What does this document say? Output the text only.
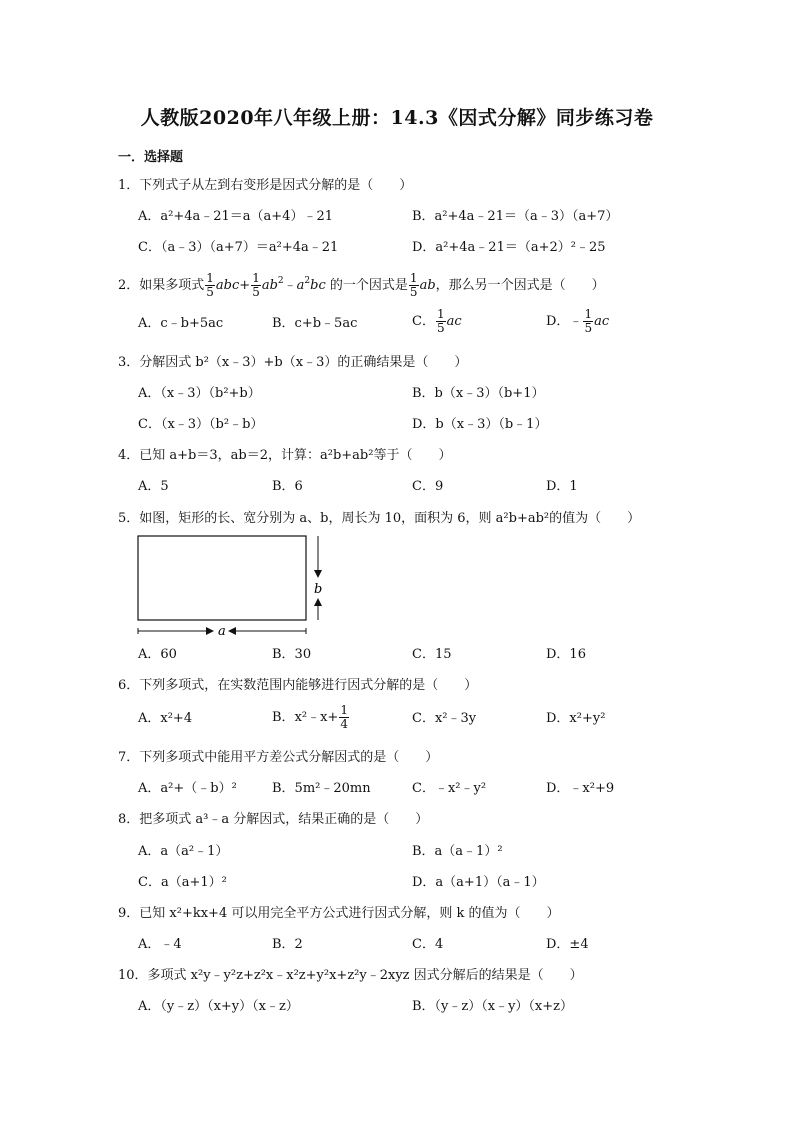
人教版2020年八年级上册：14.3《因式分解》同步练习卷
一．选择题
1．下列式子从左到右变形是因式分解的是（　　）
A．a²+4a﹣21＝a（a+4）﹣21	B．a²+4a﹣21＝（a﹣3）（a+7）
C．（a﹣3）（a+7）＝a²+4a﹣21	D．a²+4a﹣21＝（a+2）²﹣25
2．如果多项式 $\frac{1}{5} abc+ \frac{1}{5}$ $ab^2﹣a^2bc$ 的一个因式是 $\frac{1}{5}$ ab，那么另一个因式是（　　）
A．c﹣b+5ac	B．c+b﹣5ac	C． $\frac{1}{5}$ ac	D．﹣ $\frac{1}{5}$ ac
3．分解因式 b²（x﹣3）+b（x﹣3）的正确结果是（　　）
A．（x﹣3）（b²+b）	B．b（x﹣3）（b+1）
C．（x﹣3）（b²﹣b）	D．b（x﹣3）（b﹣1）
4．已知 a+b＝3，ab＝2，计算：a²b+ab²等于（　　）
A．5	B．6	C．9	D．1
5．如图，矩形的长、宽分别为 a、b，周长为 10，面积为 6，则 a²b+ab²的值为（　　）
b
a
A．60	B．30	C．15	D．16
6．下列多项式，在实数范围内能够进行因式分解的是（　　）
A．x²+4	B．x²﹣x+ $\frac{1}{4}$	C．x²﹣3y	D．x²+y²
7．下列多项式中能用平方差公式分解因式的是（　　）
A．a²+（﹣b）²	B．5m²﹣20mn	C．﹣x²﹣y²	D．﹣x²+9
8．把多项式 a³﹣a 分解因式，结果正确的是（　　）
A．a（a²﹣1）	B．a（a﹣1）²
C．a（a+1）²	D．a（a+1）（a﹣1）
9．已知 x²+kx+4 可以用完全平方公式进行因式分解，则 k 的值为（　　）
A．﹣4	B．2	C．4	D．±4
10．多项式 x²y﹣y²z+z²x﹣x²z+y²x+z²y﹣2xyz 因式分解后的结果是（　　）
A．（y﹣z）（x+y）（x﹣z）	B．（y﹣z）（x﹣y）（x+z）
